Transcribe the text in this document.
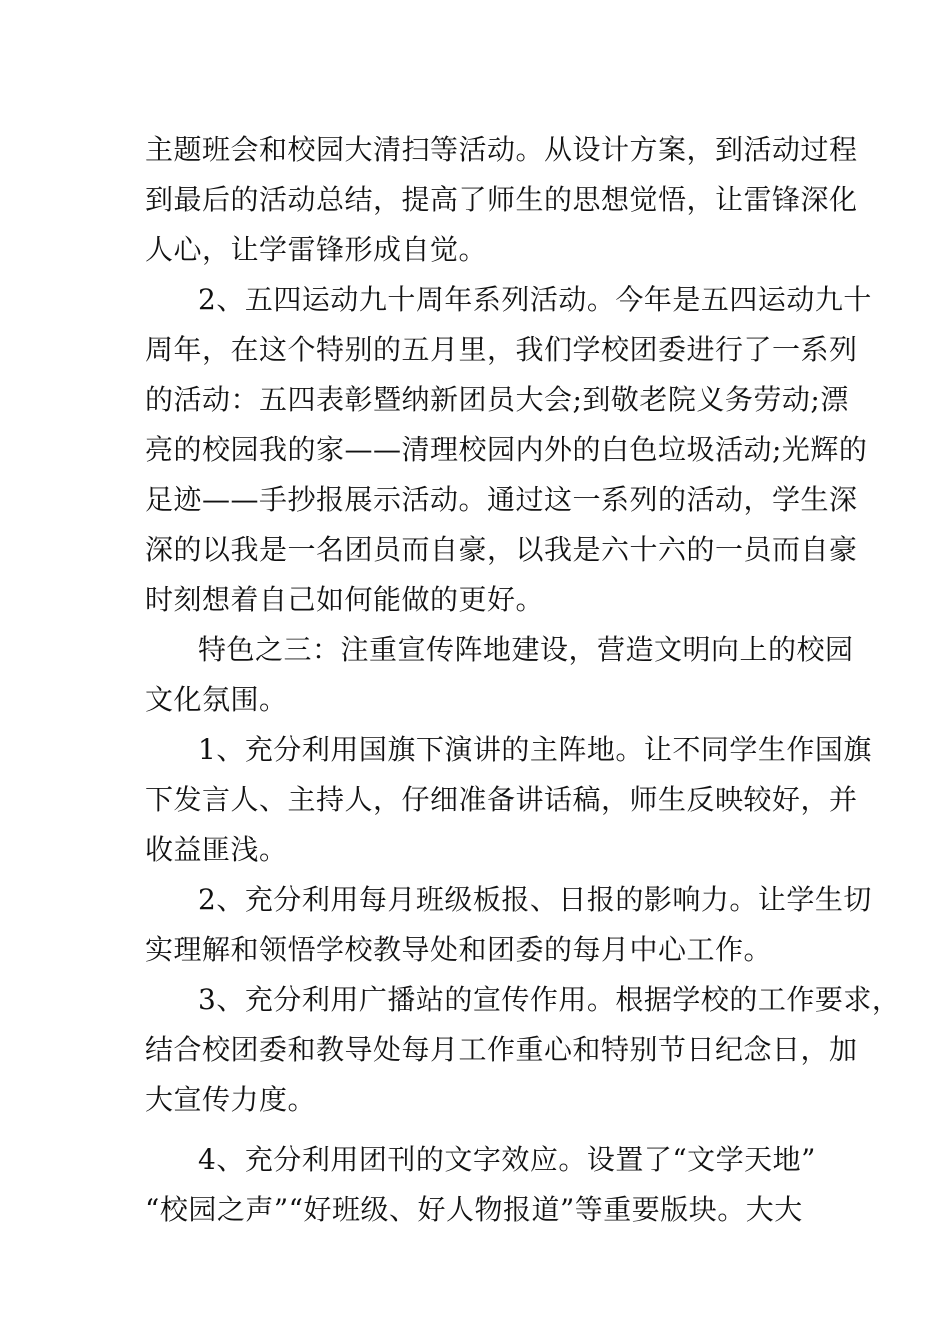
主题班会和校园大清扫等活动。从设计方案，到活动过程
到最后的活动总结，提高了师生的思想觉悟，让雷锋深化
人心，让学雷锋形成自觉。
2、五四运动九十周年系列活动。今年是五四运动九十
周年，在这个特别的五月里，我们学校团委进行了一系列
的活动：五四表彰暨纳新团员大会;到敬老院义务劳动;漂
亮的校园我的家——清理校园内外的白色垃圾活动;光辉的
足迹——手抄报展示活动。通过这一系列的活动，学生深
深的以我是一名团员而自豪，以我是六十六的一员而自豪
时刻想着自己如何能做的更好。
特色之三：注重宣传阵地建设，营造文明向上的校园
文化氛围。
1、充分利用国旗下演讲的主阵地。让不同学生作国旗
下发言人、主持人，仔细准备讲话稿，师生反映较好，并
收益匪浅。
2、充分利用每月班级板报、日报的影响力。让学生切
实理解和领悟学校教导处和团委的每月中心工作。
3、充分利用广播站的宣传作用。根据学校的工作要求，
结合校团委和教导处每月工作重心和特别节日纪念日，加
大宣传力度。
4、充分利用团刊的文字效应。设置了“文学天地”
“校园之声”“好班级、好人物报道”等重要版块。大大
